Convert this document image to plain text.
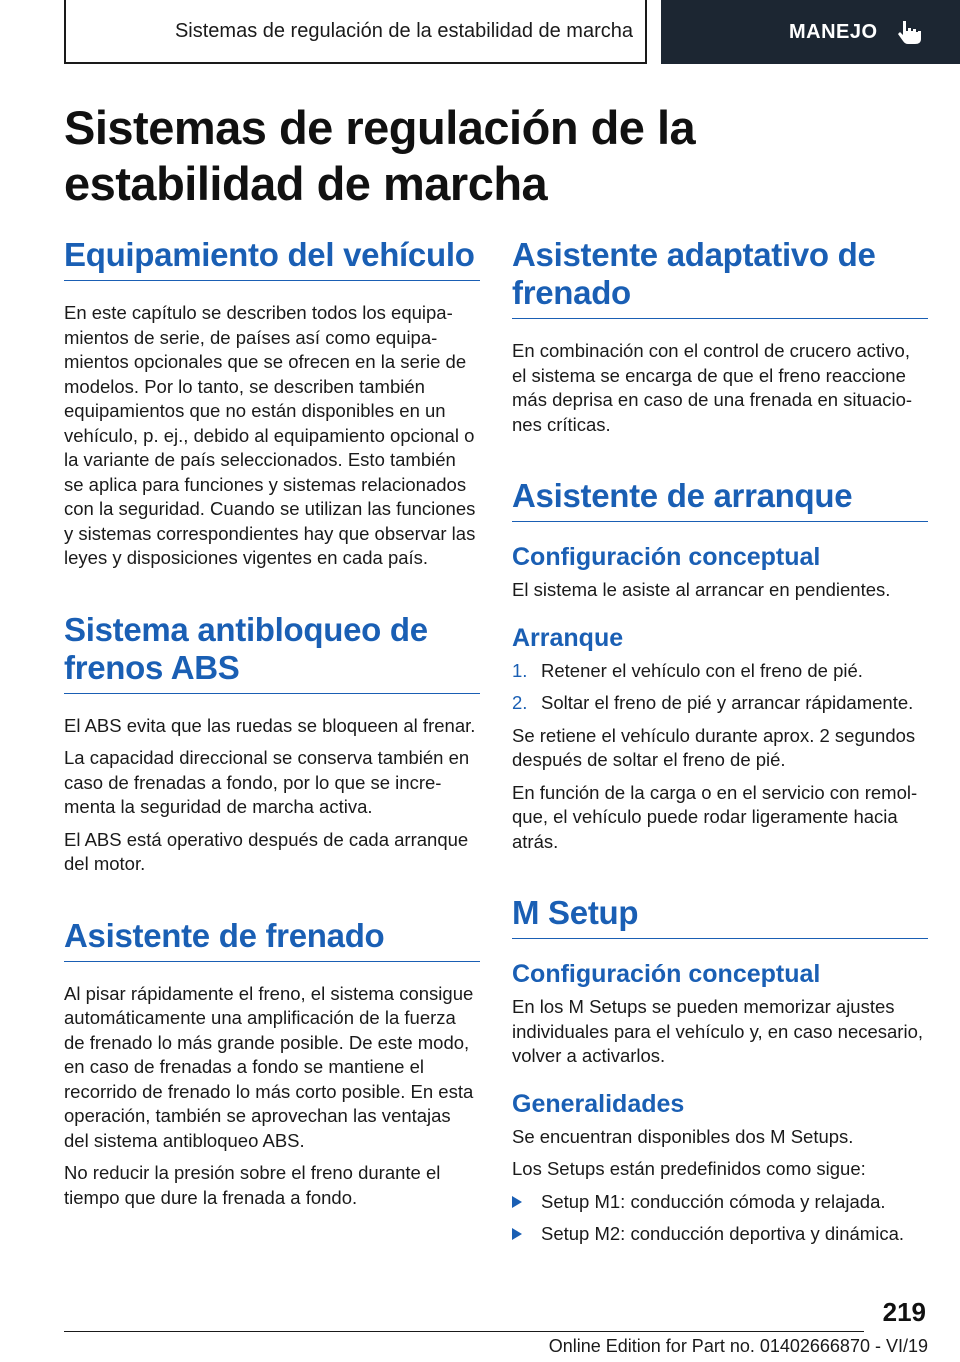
Sistemas de regulación de la estabilidad de marcha	MANEJO
Sistemas de regulación de la estabilidad de marcha
Equipamiento del vehículo

En este capítulo se describen todos los equipamientos de serie, de países así como equipamientos opcionales que se ofrecen en la serie de modelos. Por lo tanto, se describen también equipamientos que no están disponibles en un vehículo, p. ej., debido al equipamiento opcional o la variante de país seleccionados. Esto también se aplica para funciones y sistemas relacionados con la seguridad. Cuando se utilizan las funciones y sistemas correspondientes hay que observar las leyes y disposiciones vigentes en cada país.

Sistema antibloqueo de frenos ABS

El ABS evita que las ruedas se bloqueen al frenar.

La capacidad direccional se conserva también en caso de frenadas a fondo, por lo que se incrementa la seguridad de marcha activa.

El ABS está operativo después de cada arranque del motor.

Asistente de frenado

Al pisar rápidamente el freno, el sistema consigue automáticamente una amplificación de la fuerza de frenado lo más grande posible. De este modo, en caso de frenadas a fondo se mantiene el recorrido de frenado lo más corto posible. En esta operación, también se aprovechan las ventajas del sistema antibloqueo ABS.

No reducir la presión sobre el freno durante el tiempo que dure la frenada a fondo.

Asistente adaptativo de frenado

En combinación con el control de crucero activo, el sistema se encarga de que el freno reaccione más deprisa en caso de una frenada en situaciones críticas.

Asistente de arranque
Configuración conceptual

El sistema le asiste al arrancar en pendientes.

Arranque
1. Retener el vehículo con el freno de pié.
2. Soltar el freno de pié y arrancar rápidamente.

Se retiene el vehículo durante aprox. 2 segundos después de soltar el freno de pié.

En función de la carga o en el servicio con remolque, el vehículo puede rodar ligeramente hacia atrás.

M Setup
Configuración conceptual

En los M Setups se pueden memorizar ajustes individuales para el vehículo y, en caso necesario, volver a activarlos.

Generalidades

Se encuentran disponibles dos M Setups.

Los Setups están predefinidos como sigue:

Setup M1: conducción cómoda y relajada.
Setup M2: conducción deportiva y dinámica.
219
Online Edition for Part no. 01402666870 - VI/19
